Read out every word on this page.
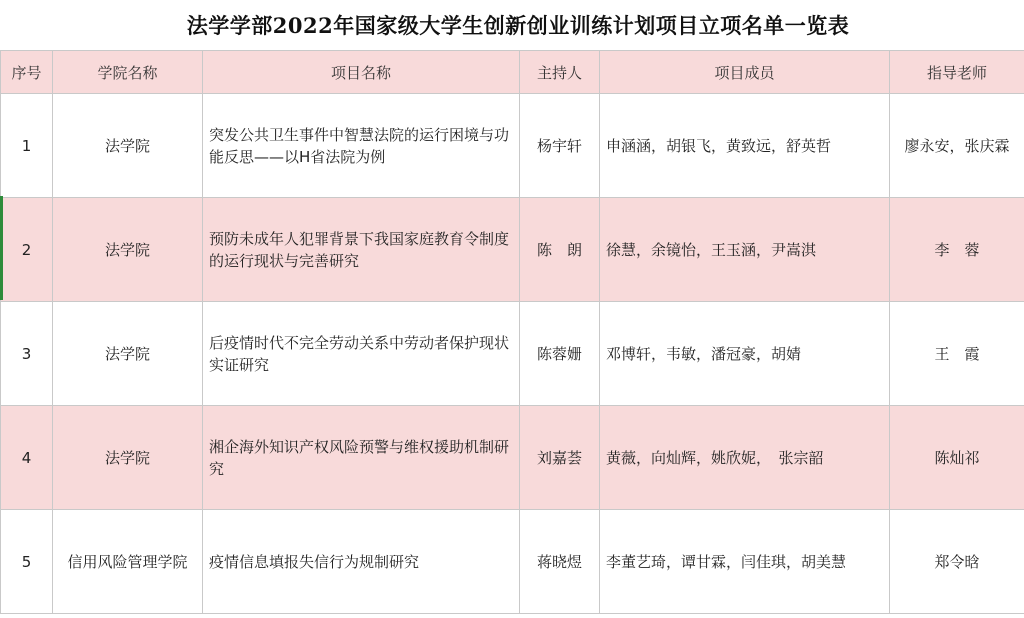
法学学部2022年国家级大学生创新创业训练计划项目立项名单一览表
序号	学院名称	项目名称	主持人	项目成员	指导老师
1	法学院	突发公共卫生事件中智慧法院的运行困境与功能反思——以H省法院为例	杨宇轩	申涵涵，胡银飞，黄致远，舒英哲	廖永安，张庆霖
2	法学院	预防未成年人犯罪背景下我国家庭教育令制度的运行现状与完善研究	陈　朗	徐慧，余镜怡，王玉涵，尹嵩淇	李　蓉
3	法学院	后疫情时代不完全劳动关系中劳动者保护现状实证研究	陈蓉姗	邓博轩，韦敏，潘冠豪，胡婧	王　霞
4	法学院	湘企海外知识产权风险预警与维权援助机制研究	刘嘉荟	黄薇，向灿辉，姚欣妮，　张宗韶	陈灿祁
5	信用风险管理学院	疫情信息填报失信行为规制研究	蒋晓煜	李董艺琦，谭甘霖，闫佳琪，胡美慧	郑令晗
